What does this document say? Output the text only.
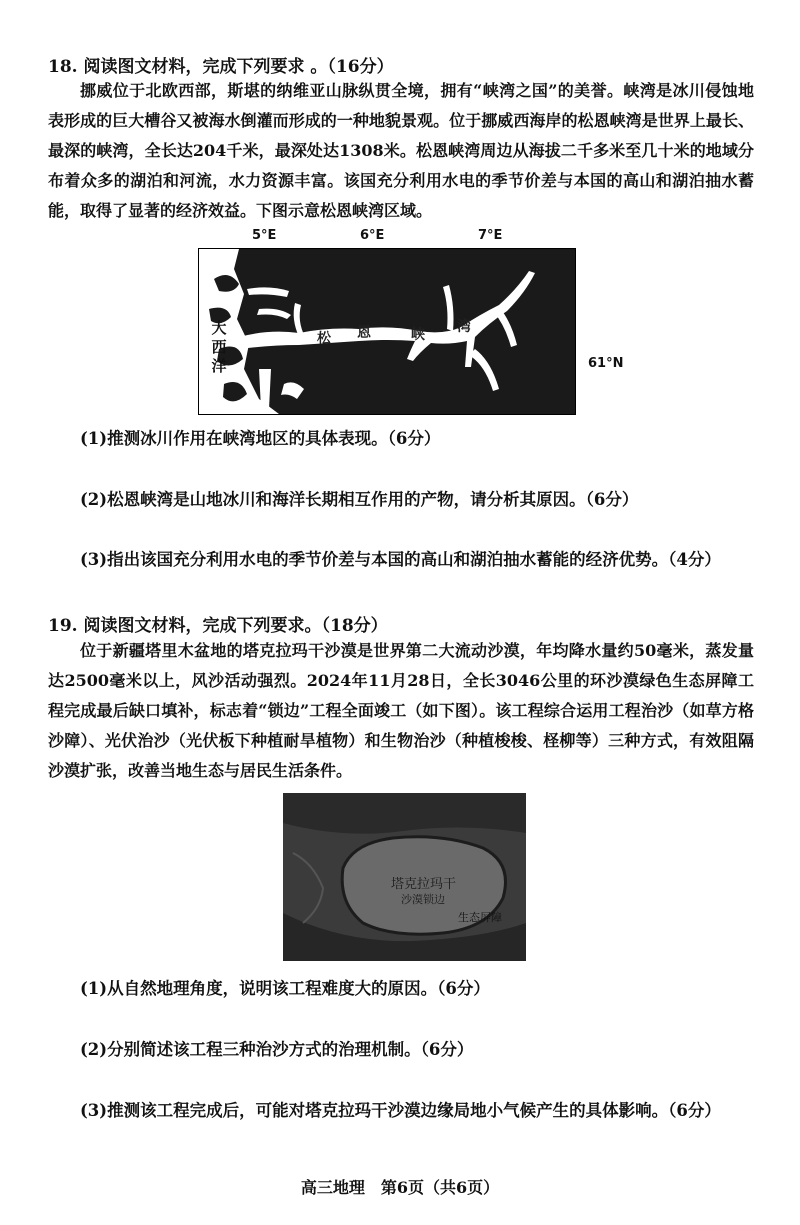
18. 阅读图文材料，完成下列要求 。（16分）
挪威位于北欧西部，斯堪的纳维亚山脉纵贯全境，拥有“峡湾之国”的美誉。峡湾是冰川侵蚀地表形成的巨大槽谷又被海水倒灌而形成的一种地貌景观。位于挪威西海岸的松恩峡湾是世界上最长、最深的峡湾，全长达204千米，最深处达1308米。松恩峡湾周边从海拔二千多米至几十米的地域分布着众多的湖泊和河流，水力资源丰富。该国充分利用水电的季节价差与本国的高山和湖泊抽水蓄能，取得了显著的经济效益。下图示意松恩峡湾区域。
5°E	6°E	7°E
61°N
松 恩	峡 湾
大西洋
(1)推测冰川作用在峡湾地区的具体表现。（6分）
(2)松恩峡湾是山地冰川和海洋长期相互作用的产物，请分析其原因。（6分）
(3)指出该国充分利用水电的季节价差与本国的高山和湖泊抽水蓄能的经济优势。（4分）
19. 阅读图文材料，完成下列要求。（18分）
位于新疆塔里木盆地的塔克拉玛干沙漠是世界第二大流动沙漠，年均降水量约50毫米，蒸发量达2500毫米以上，风沙活动强烈。2024年11月28日，全长3046公里的环沙漠绿色生态屏障工程完成最后缺口填补，标志着“锁边”工程全面竣工（如下图）。该工程综合运用工程治沙（如草方格沙障）、光伏治沙（光伏板下种植耐旱植物）和生物治沙（种植梭梭、柽柳等）三种方式，有效阻隔沙漠扩张，改善当地生态与居民生活条件。
塔克拉玛干
沙漠锁边
生态屏障
(1)从自然地理角度，说明该工程难度大的原因。（6分）
(2)分别简述该工程三种治沙方式的治理机制。（6分）
(3)推测该工程完成后，可能对塔克拉玛干沙漠边缘局地小气候产生的具体影响。（6分）
高三地理　第6页（共6页）
